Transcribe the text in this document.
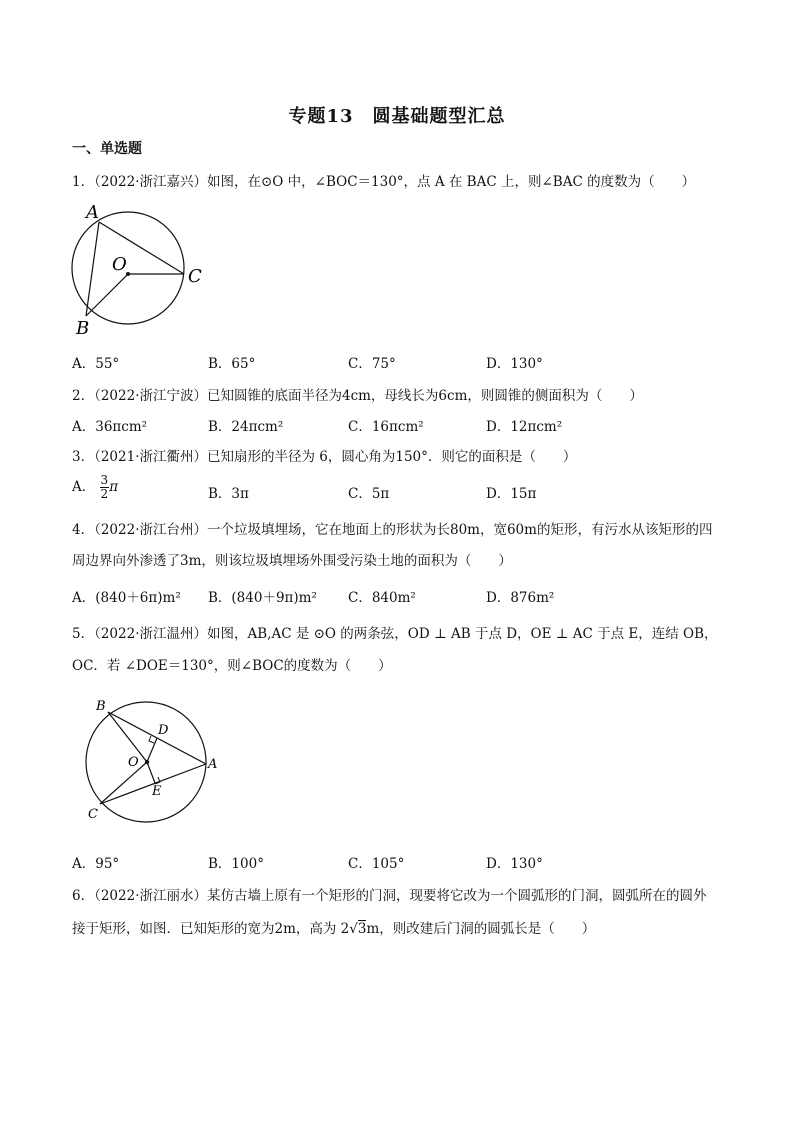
专题13　圆基础题型汇总
一、单选题
1．（2022·浙江嘉兴）如图，在⊙O 中，∠BOC＝130°，点 A 在 BAC 上，则∠BAC 的度数为（　　）
A
O
C
B
A．55°	B．65°	C．75°	D．130°
2．（2022·浙江宁波）已知圆锥的底面半径为4cm，母线长为6cm，则圆锥的侧面积为（　　）
A．36πcm²	B．24πcm²	C．16πcm²	D．12πcm²
3．（2021·浙江衢州）已知扇形的半径为 6，圆心角为150°．则它的面积是（　　）
A． $\frac{3}{2}$ π	B．3π	C．5π	D．15π
4．（2022·浙江台州）一个垃圾填埋场，它在地面上的形状为长80m，宽60m的矩形，有污水从该矩形的四
周边界向外渗透了3m，则该垃圾填埋场外围受污染土地的面积为（　　）
A．(840＋6π)m² B．(840＋9π)m² C．840m²	D．876m²
5．（2022·浙江温州）如图，AB,AC 是 ⊙O 的两条弦，OD ⊥ AB 于点 D，OE ⊥ AC 于点 E，连结 OB，
OC．若 ∠DOE＝130°，则∠BOC的度数为（　　）
B
D
O	A
E
C
A．95°	B．100°	C．105°	D．130°
6．（2022·浙江丽水）某仿古墙上原有一个矩形的门洞，现要将它改为一个圆弧形的门洞，圆弧所在的圆外
接于矩形，如图．已知矩形的宽为2m，高为 2√3m，则改建后门洞的圆弧长是（　　）
